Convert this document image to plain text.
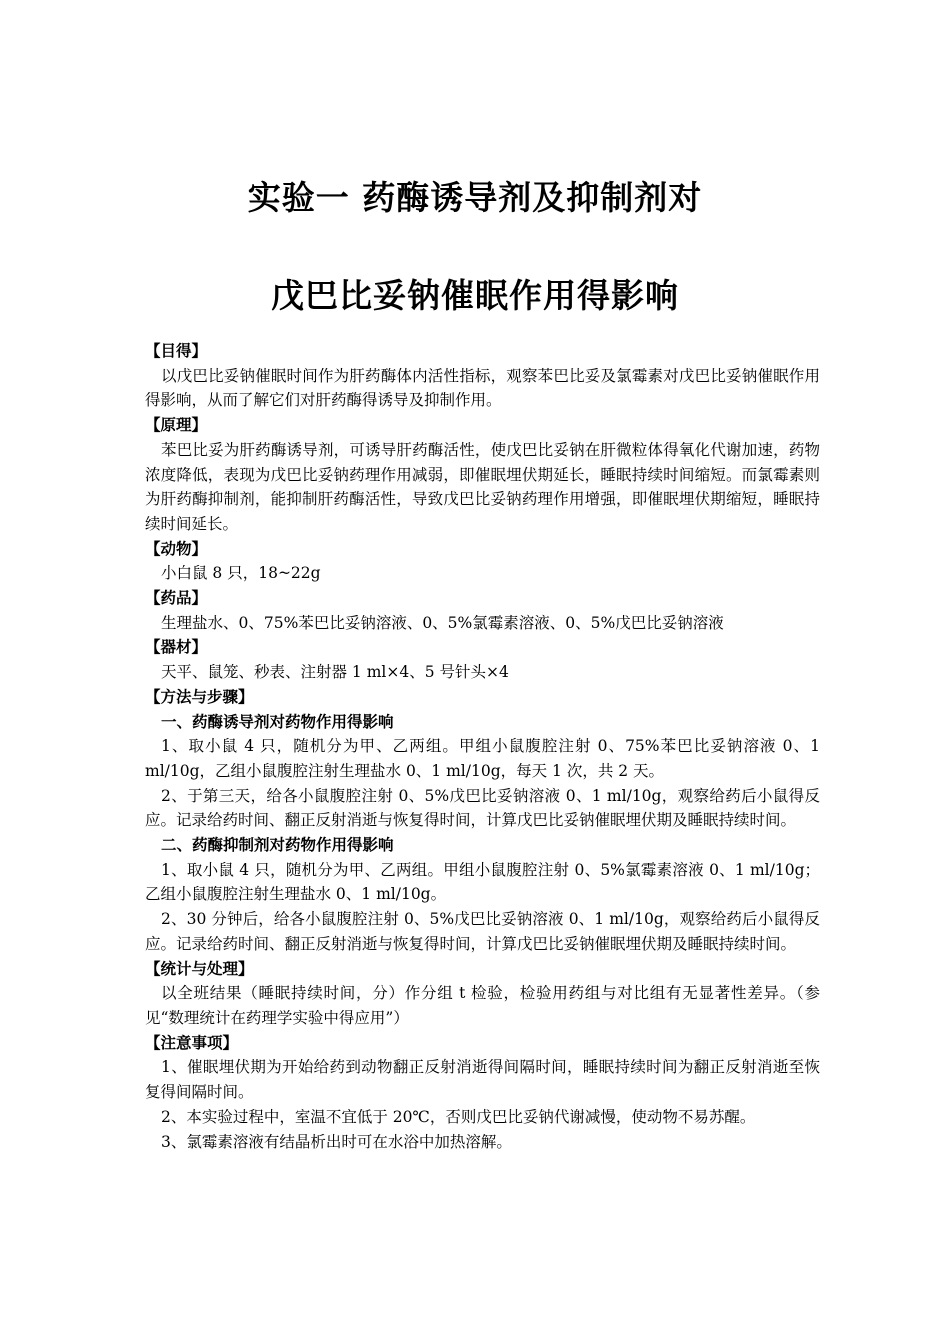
实验一 药酶诱导剂及抑制剂对
戊巴比妥钠催眠作用得影响

【目得】

以戊巴比妥钠催眠时间作为肝药酶体内活性指标，观察苯巴比妥及氯霉素对戊巴比妥钠催眠作用得影响，从而了解它们对肝药酶得诱导及抑制作用。

【原理】

苯巴比妥为肝药酶诱导剂，可诱导肝药酶活性，使戊巴比妥钠在肝微粒体得氧化代谢加速，药物浓度降低，表现为戊巴比妥钠药理作用减弱，即催眠埋伏期延长，睡眠持续时间缩短。而氯霉素则为肝药酶抑制剂，能抑制肝药酶活性，导致戊巴比妥钠药理作用增强，即催眠埋伏期缩短，睡眠持续时间延长。

【动物】

小白鼠 8 只，18~22g

【药品】

生理盐水、0、75%苯巴比妥钠溶液、0、5%氯霉素溶液、0、5%戊巴比妥钠溶液

【器材】

天平、鼠笼、秒表、注射器 1 ml×4、5 号针头×4

【方法与步骤】

一、药酶诱导剂对药物作用得影响

1、取小鼠 4 只，随机分为甲、乙两组。甲组小鼠腹腔注射 0、75%苯巴比妥钠溶液 0、1 ml/10g，乙组小鼠腹腔注射生理盐水 0、1 ml/10g，每天 1 次，共 2 天。

2、于第三天，给各小鼠腹腔注射 0、5%戊巴比妥钠溶液 0、1 ml/10g，观察给药后小鼠得反应。记录给药时间、翻正反射消逝与恢复得时间，计算戊巴比妥钠催眠埋伏期及睡眠持续时间。

二、药酶抑制剂对药物作用得影响

1、取小鼠 4 只，随机分为甲、乙两组。甲组小鼠腹腔注射 0、5%氯霉素溶液 0、1 ml/10g；乙组小鼠腹腔注射生理盐水 0、1 ml/10g。

2、30 分钟后，给各小鼠腹腔注射 0、5%戊巴比妥钠溶液 0、1 ml/10g，观察给药后小鼠得反应。记录给药时间、翻正反射消逝与恢复得时间，计算戊巴比妥钠催眠埋伏期及睡眠持续时间。

【统计与处理】

以全班结果（睡眠持续时间，分）作分组 t 检验，检验用药组与对比组有无显著性差异。（参见“数理统计在药理学实验中得应用”）

【注意事项】

1、催眠埋伏期为开始给药到动物翻正反射消逝得间隔时间，睡眠持续时间为翻正反射消逝至恢复得间隔时间。

2、本实验过程中，室温不宜低于 20℃，否则戊巴比妥钠代谢减慢，使动物不易苏醒。

3、氯霉素溶液有结晶析出时可在水浴中加热溶解。
